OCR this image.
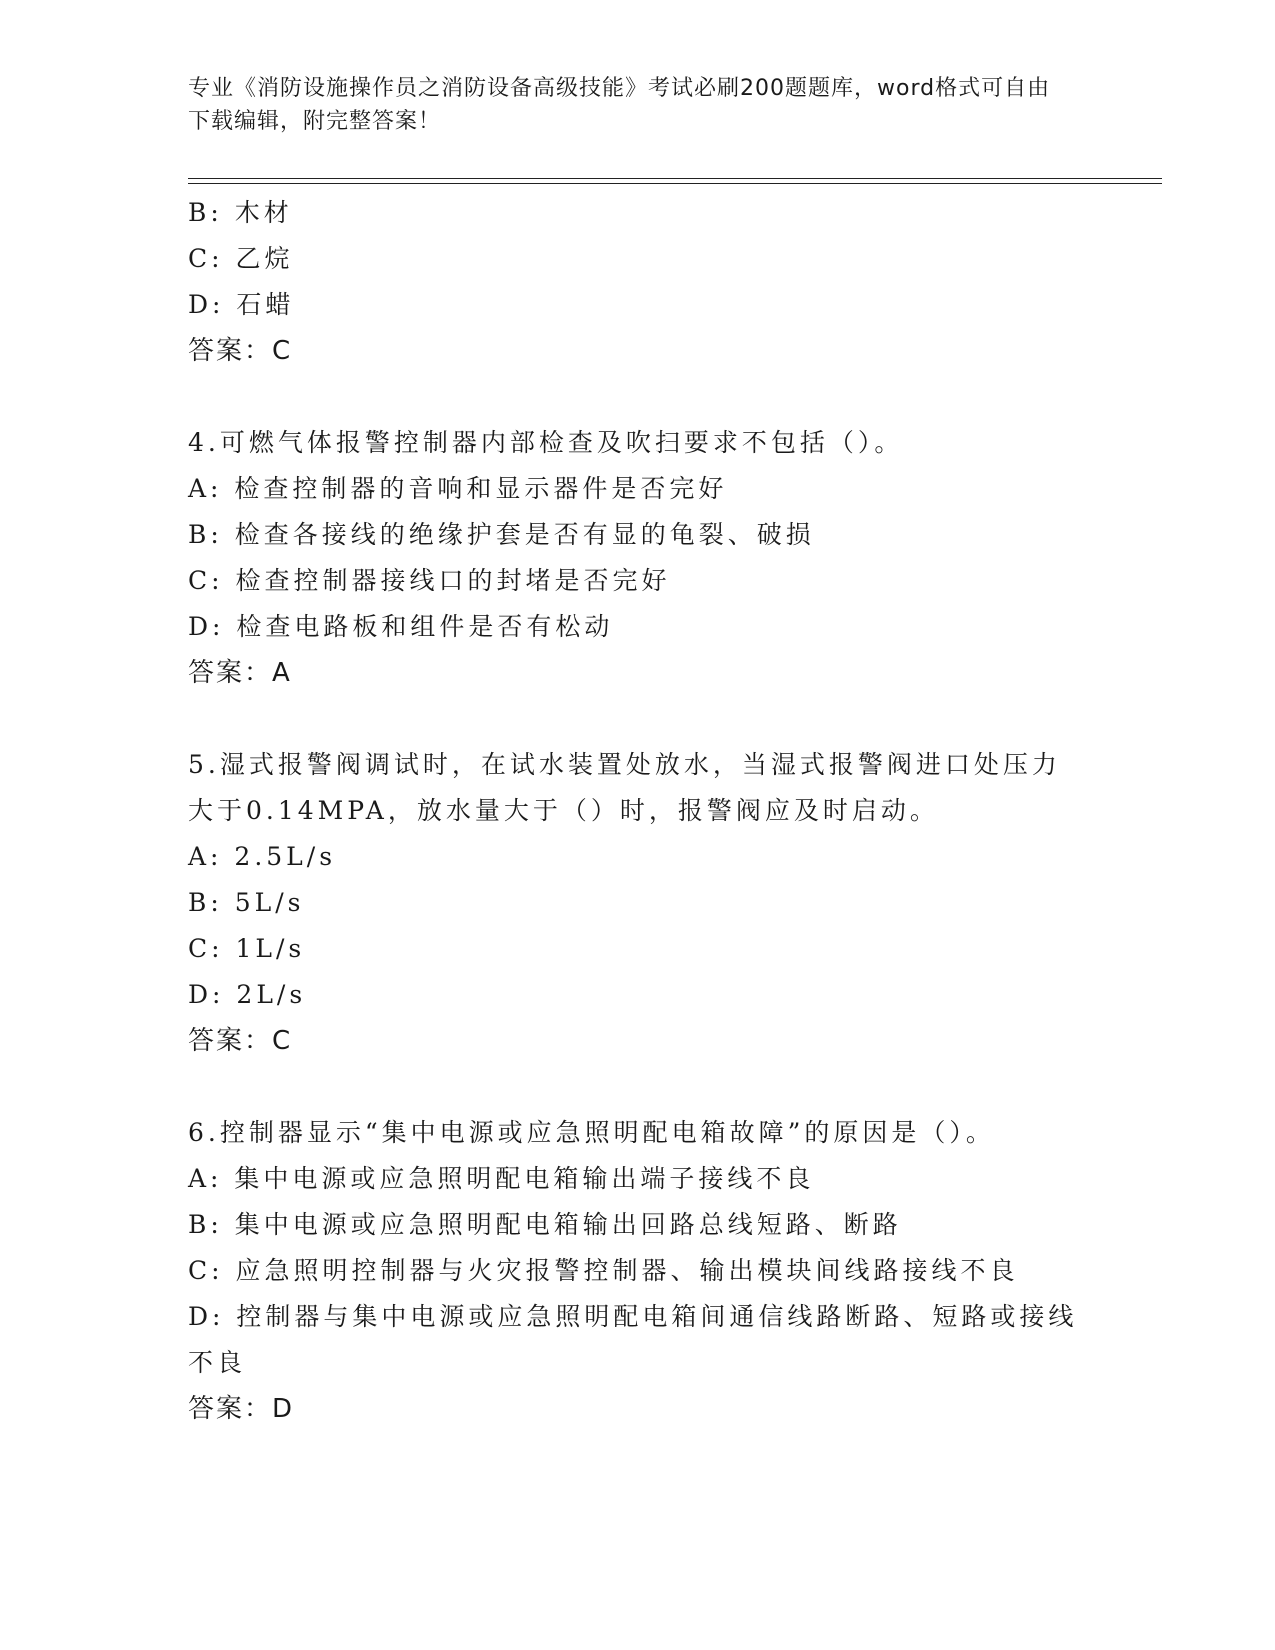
专业《消防设施操作员之消防设备高级技能》考试必刷200题题库，word格式可自由下载编辑，附完整答案！
B: 木材
C: 乙烷
D: 石蜡
答案：C
4.可燃气体报警控制器内部检查及吹扫要求不包括（）。
A: 检查控制器的音响和显示器件是否完好
B: 检查各接线的绝缘护套是否有显的龟裂、破损
C: 检查控制器接线口的封堵是否完好
D: 检查电路板和组件是否有松动
答案：A
5.湿式报警阀调试时，在试水装置处放水，当湿式报警阀进口处压力
大于0.14MPA，放水量大于（）时，报警阀应及时启动。
A: 2.5L/s
B: 5L/s
C: 1L/s
D: 2L/s
答案：C
6.控制器显示“集中电源或应急照明配电箱故障”的原因是（）。
A: 集中电源或应急照明配电箱输出端子接线不良
B: 集中电源或应急照明配电箱输出回路总线短路、断路
C: 应急照明控制器与火灾报警控制器、输出模块间线路接线不良
D: 控制器与集中电源或应急照明配电箱间通信线路断路、短路或接线
不良
答案：D
